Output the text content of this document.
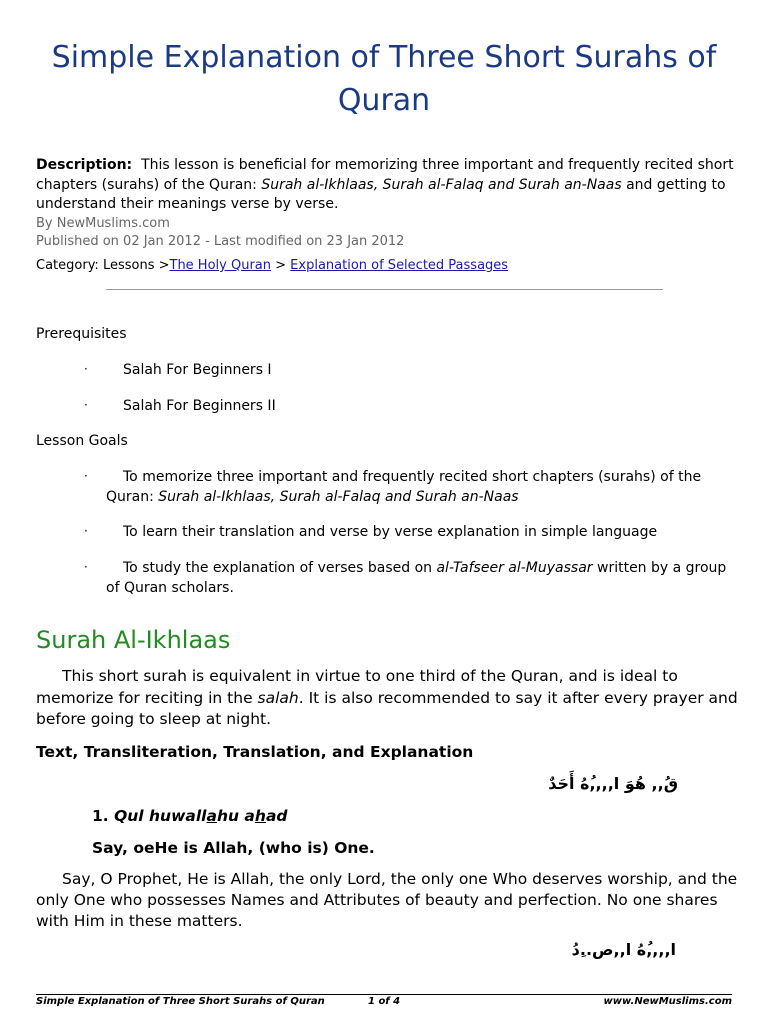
Simple Explanation of Three Short Surahs of Quran
Description: This lesson is beneficial for memorizing three important and frequently recited short chapters (surahs) of the Quran: Surah al-Ikhlaas, Surah al-Falaq and Surah an-Naas and getting to understand their meanings verse by verse.
By NewMuslims.com
Published on 02 Jan 2012 - Last modified on 23 Jan 2012
Category: Lessons >The Holy Quran > Explanation of Selected Passages
Prerequisites
·	Salah For Beginners I
·	Salah For Beginners II
Lesson Goals
·	To memorize three important and frequently recited short chapters (surahs) of the
Quran: Surah al-Ikhlaas, Surah al-Falaq and Surah an-Naas
·	To learn their translation and verse by verse explanation in simple language
·	To study the explanation of verses based on al-Tafseer al-Muyassar written by a group
of Quran scholars.
Surah Al-Ikhlaas
This short surah is equivalent in virtue to one third of the Quran, and is ideal to
memorize for reciting in the salah. It is also recommended to say it after every prayer and
before going to sleep at night.
Text, Transliteration, Translation, and Explanation
قُ,, هُوَ ا,,,,ُهُ أَحَدٌ
1. Qul huwallahu ahad
Say, oeHe is Allah, (who is) One.
Say, O Prophet, He is Allah, the only Lord, the only one Who deserves worship, and the
only One who possesses Names and Attributes of beauty and perfection. No one shares
with Him in these matters.
ا,,,,ُهُ ا,,ص..ِدُ
Simple Explanation of Three Short Surahs of Quran	1 of 4	www.NewMuslims.com
